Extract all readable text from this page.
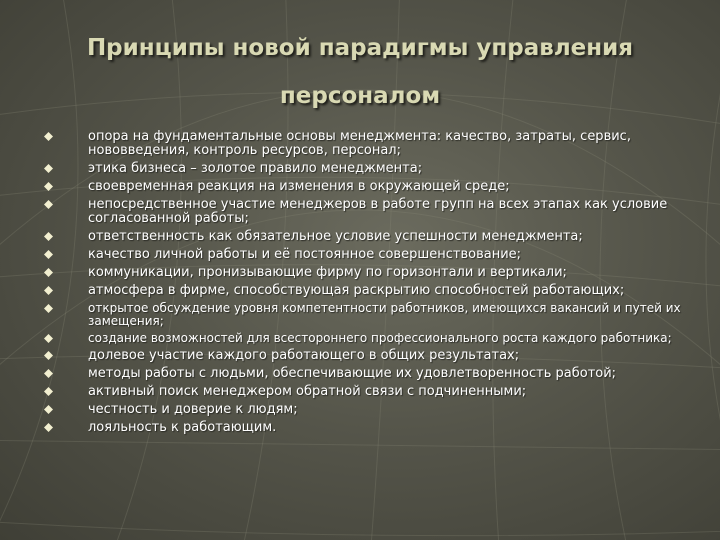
Принципы новой парадигмы управления персоналом
опора на фундаментальные основы менеджмента: качество, затраты, сервис, нововведения, контроль ресурсов, персонал;
этика бизнеса – золотое правило менеджмента;
своевременная реакция на изменения в окружающей среде;
непосредственное участие менеджеров в работе групп на всех этапах как условие согласованной работы;
ответственность как обязательное условие успешности менеджмента;
качество личной работы и её постоянное совершенствование;
коммуникации, пронизывающие фирму по горизонтали и вертикали;
атмосфера в фирме, способствующая раскрытию способностей работающих;
открытое обсуждение уровня компетентности работников, имеющихся вакансий и путей их замещения;
создание возможностей для всестороннего профессионального роста каждого работника;
долевое участие каждого работающего в общих результатах;
методы работы с людьми, обеспечивающие их удовлетворенность работой;
активный поиск менеджером обратной связи с подчиненными;
честность и доверие к людям;
лояльность к работающим.
